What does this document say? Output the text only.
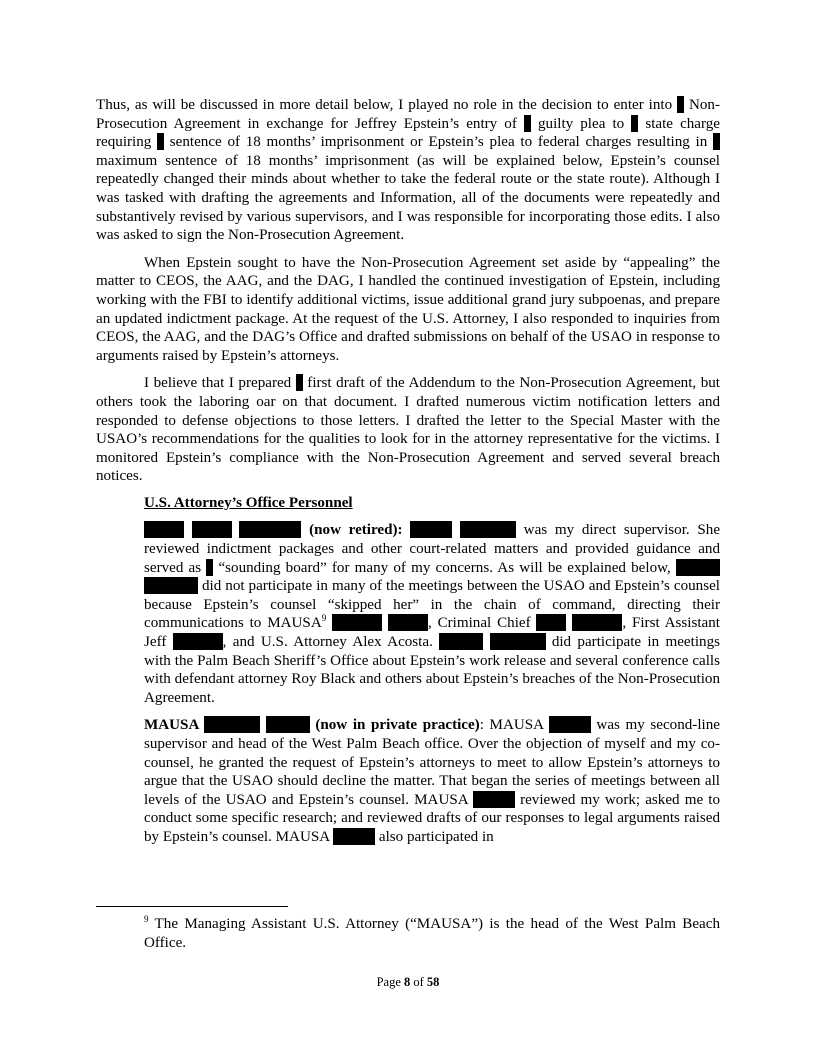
Thus, as will be discussed in more detail below, I played no role in the decision to enter into  Non-Prosecution Agreement in exchange for Jeffrey Epstein’s entry of  guilty plea to  state charge requiring  sentence of 18 months’ imprisonment or Epstein’s plea to federal charges resulting in  maximum sentence of 18 months’ imprisonment (as will be explained below, Epstein’s counsel repeatedly changed their minds about whether to take the federal route or the state route). Although I was tasked with drafting the agreements and Information, all of the documents were repeatedly and substantively revised by various supervisors, and I was responsible for incorporating those edits. I also was asked to sign the Non-Prosecution Agreement.

When Epstein sought to have the Non-Prosecution Agreement set aside by “appealing” the matter to CEOS, the AAG, and the DAG, I handled the continued investigation of Epstein, including working with the FBI to identify additional victims, issue additional grand jury subpoenas, and prepare an updated indictment package. At the request of the U.S. Attorney, I also responded to inquiries from CEOS, the AAG, and the DAG’s Office and drafted submissions on behalf of the USAO in response to arguments raised by Epstein’s attorneys.

I believe that I prepared  first draft of the Addendum to the Non-Prosecution Agreement, but others took the laboring oar on that document. I drafted numerous victim notification letters and responded to defense objections to those letters. I drafted the letter to the Special Master with the USAO’s recommendations for the qualities to look for in the attorney representative for the victims. I monitored Epstein’s compliance with the Non-Prosecution Agreement and served several breach notices.

U.S. Attorney’s Office Personnel

(now retired):	was my direct supervisor. She reviewed indictment packages and other court-related matters and provided guidance and served as  “sounding board” for many of my concerns. As will be explained below,   did not participate in many of the meetings between the USAO and Epstein’s counsel because Epstein’s counsel “skipped her” in the chain of command, directing their communications to MAUSA$^9$	, Criminal Chief	, First Assistant Jeff	, and U.S. Attorney Alex Acosta.	did participate in meetings with the Palm Beach Sheriff’s Office about Epstein’s work release and several conference calls with defendant attorney Roy Black and others about Epstein’s breaches of the Non-Prosecution Agreement.

MAUSA	(now in private practice): MAUSA	was my second-line supervisor and head of the West Palm Beach office. Over the objection of myself and my co-counsel, he granted the request of Epstein’s attorneys to meet to allow Epstein’s attorneys to argue that the USAO should decline the matter. That began the series of meetings between all levels of the USAO and Epstein’s counsel. MAUSA	reviewed my work; asked me to conduct some specific research; and reviewed drafts of our responses to legal arguments raised by Epstein’s counsel. MAUSA	also participated in

$^9$ The Managing Assistant U.S. Attorney (“MAUSA”) is the head of the West Palm Beach Office.
Page 8 of 58
